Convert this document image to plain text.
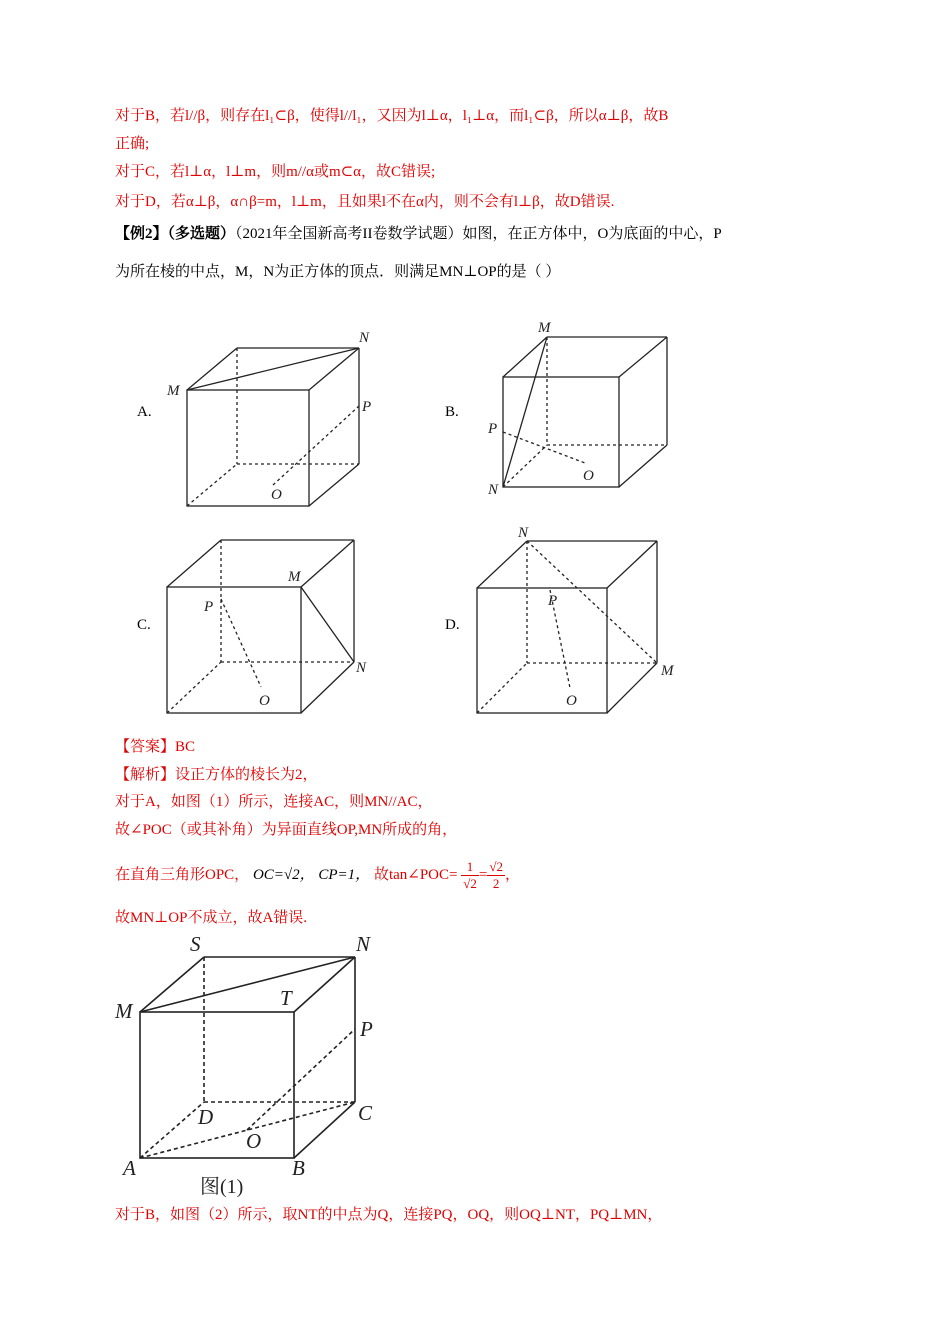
对于B，若l//β，则存在l₁⊂β，使得l//l₁，又因为l⊥α，l₁⊥α，而l₁⊂β，所以α⊥β，故B
正确;
对于C，若l⊥α，l⊥m，则m//α或m⊂α，故C错误;
对于D，若α⊥β，α∩β=m，l⊥m，且如果l不在α内，则不会有l⊥β，故D错误.
【例2】（多选题）（2021年全国新高考II卷数学试题）如图，在正方体中，O为底面的中心，P
为所在棱的中点，M，N为正方体的顶点．则满足MN⊥OP的是（ ）
A.
M
N
P
O
B.
M
P
N
O
C.
M
P
N
O
D.
N
P
M
O
【答案】BC
【解析】设正方体的棱长为2，
对于A，如图（1）所示，连接AC，则MN//AC，
故∠POC（或其补角）为异面直线OP,MN所成的角，
在直角三角形OPC， OC=√2， CP=1， 故tan∠POC= $\frac{1}{√2} = \frac{√2}{2}$ ，
故MN⊥OP不成立，故A错误.
S	N
M
T
P
D	C
O
A	B
图(1)
对于B，如图（2）所示，取NT的中点为Q，连接PQ，OQ，则OQ⊥NT，PQ⊥MN，
